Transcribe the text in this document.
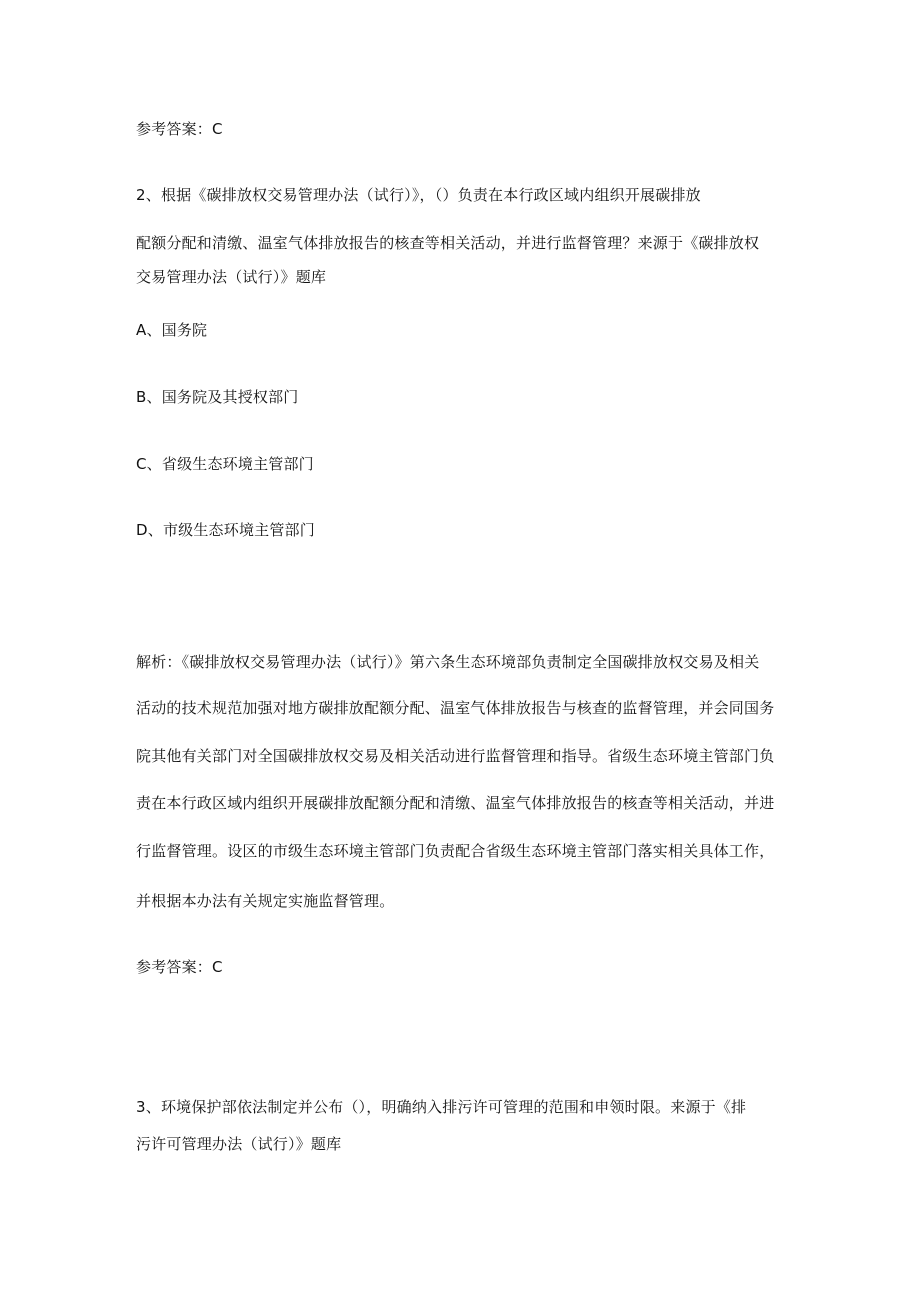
参考答案：C
2、根据《碳排放权交易管理办法（试行）》，（）负责在本行政区域内组织开展碳排放
配额分配和清缴、温室气体排放报告的核查等相关活动，并进行监督管理？来源于《碳排放权
交易管理办法（试行）》题库
A、国务院
B、国务院及其授权部门
C、省级生态环境主管部门
D、市级生态环境主管部门
解析：《碳排放权交易管理办法（试行）》第六条生态环境部负责制定全国碳排放权交易及相关
活动的技术规范加强对地方碳排放配额分配、温室气体排放报告与核查的监督管理，并会同国务
院其他有关部门对全国碳排放权交易及相关活动进行监督管理和指导。省级生态环境主管部门负
责在本行政区域内组织开展碳排放配额分配和清缴、温室气体排放报告的核查等相关活动，并进
行监督管理。设区的市级生态环境主管部门负责配合省级生态环境主管部门落实相关具体工作，
并根据本办法有关规定实施监督管理。
参考答案：C
3、环境保护部依法制定并公布（），明确纳入排污许可管理的范围和申领时限。来源于《排
污许可管理办法（试行）》题库
